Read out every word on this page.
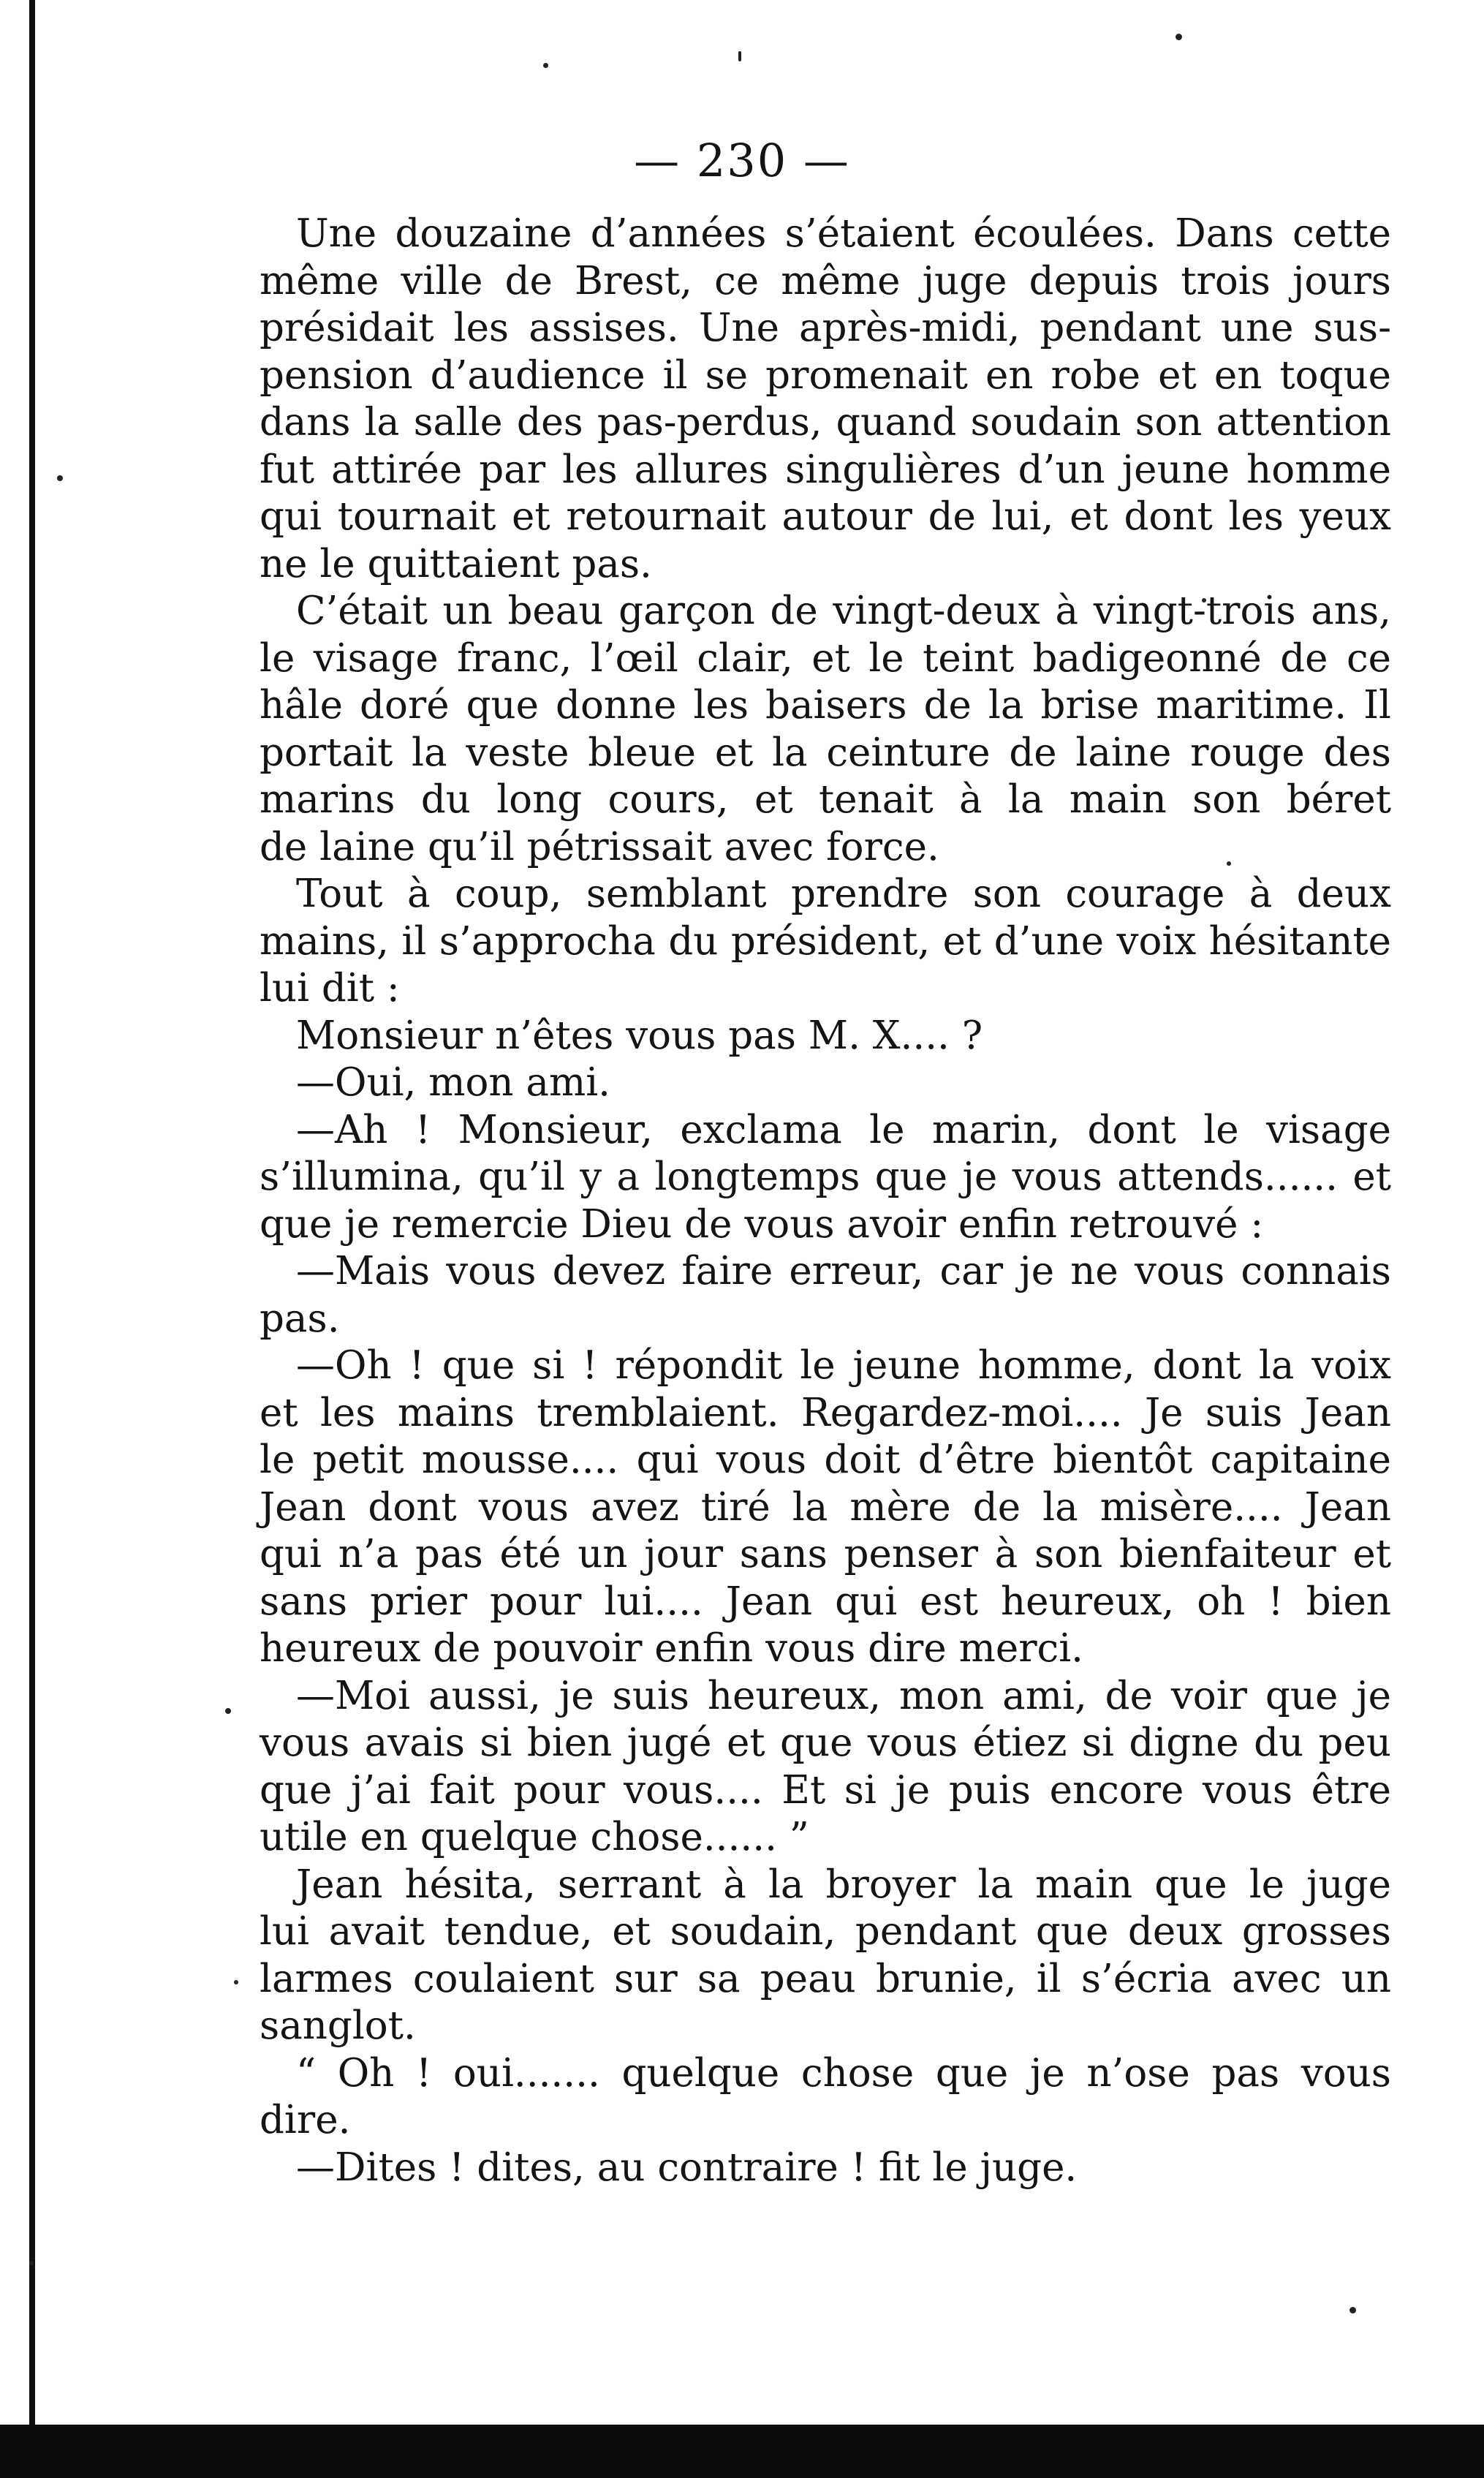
— 230 —
Une douzaine d’années s’étaient écoulées. Dans cette
même ville de Brest, ce même juge depuis trois jours
présidait les assises. Une après-midi, pendant une sus-
pension d’audience il se promenait en robe et en toque
dans la salle des pas-perdus, quand soudain son attention
fut attirée par les allures singulières d’un jeune homme
qui tournait et retournait autour de lui, et dont les yeux
ne le quittaient pas.
C’était un beau garçon de vingt-deux à vingt-trois ans,
le visage franc, l’œil clair, et le teint badigeonné de ce
hâle doré que donne les baisers de la brise maritime. Il
portait la veste bleue et la ceinture de laine rouge des
marins du long cours, et tenait à la main son béret
de laine qu’il pétrissait avec force.
Tout à coup, semblant prendre son courage à deux
mains, il s’approcha du président, et d’une voix hésitante
lui dit :
Monsieur n’êtes vous pas M. X.... ?
—Oui, mon ami.
—Ah ! Monsieur, exclama le marin, dont le visage
s’illumina, qu’il y a longtemps que je vous attends...... et
que je remercie Dieu de vous avoir enfin retrouvé :
—Mais vous devez faire erreur, car je ne vous connais
pas.
—Oh ! que si ! répondit le jeune homme, dont la voix
et les mains tremblaient. Regardez-moi.... Je suis Jean
le petit mousse.... qui vous doit d’être bientôt capitaine
Jean dont vous avez tiré la mère de la misère.... Jean
qui n’a pas été un jour sans penser à son bienfaiteur et
sans prier pour lui.... Jean qui est heureux, oh ! bien
heureux de pouvoir enfin vous dire merci.
—Moi aussi, je suis heureux, mon ami, de voir que je
vous avais si bien jugé et que vous étiez si digne du peu
que j’ai fait pour vous.... Et si je puis encore vous être
utile en quelque chose...... ”
Jean hésita, serrant à la broyer la main que le juge
lui avait tendue, et soudain, pendant que deux grosses
larmes coulaient sur sa peau brunie, il s’écria avec un
sanglot.
“ Oh ! oui....... quelque chose que je n’ose pas vous
dire.
—Dites ! dites, au contraire ! fit le juge.
